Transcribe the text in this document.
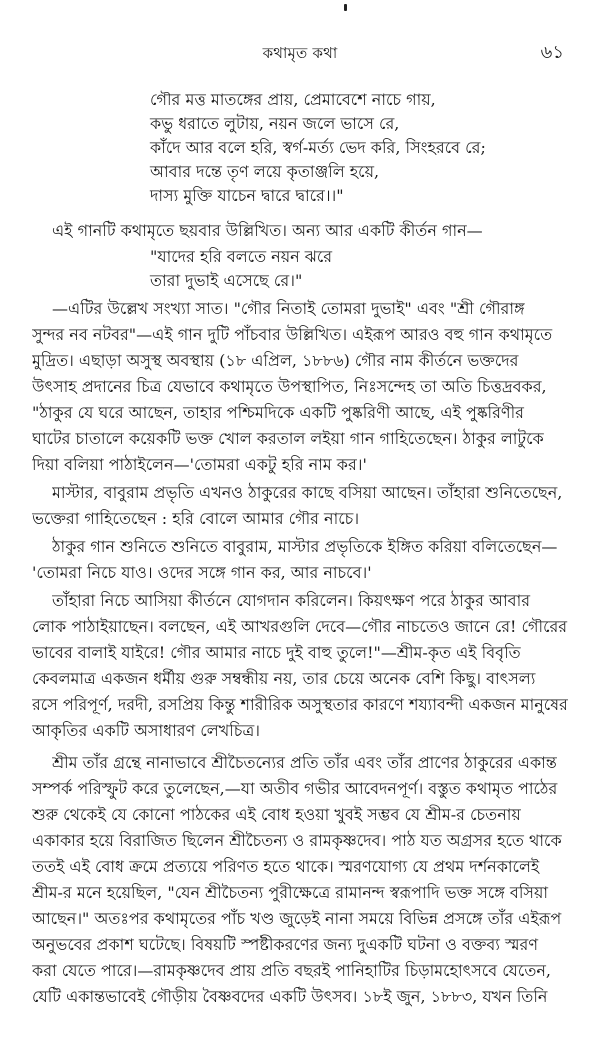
কথামৃত কথা	৬১
গৌর মত্ত মাতঙ্গের প্রায়, প্রেমাবেশে নাচে গায়,
কভু ধরাতে লুটায়, নয়ন জলে ভাসে রে,
কাঁদে আর বলে হরি, স্বর্গ-মর্ত্য ভেদ করি, সিংহরবে রে;
আবার দন্তে তৃণ লয়ে কৃতাঞ্জলি হয়ে,
দাস্য মুক্তি যাচেন দ্বারে দ্বারে।।"
এই গানটি কথামৃতে ছয়বার উল্লিখিত। অন্য আর একটি কীর্তন গান—
"যাদের হরি বলতে নয়ন ঝরে
তারা দুভাই এসেছে রে।"
—এটির উল্লেখ সংখ্যা সাত। "গৌর নিতাই তোমরা দুভাই" এবং "শ্রী গৌরাঙ্গ
সুন্দর নব নটবর"—এই গান দুটি পাঁচবার উল্লিখিত। এইরূপ আরও বহু গান কথামৃতে
মুদ্রিত। এছাড়া অসুস্থ অবস্থায় (১৮ এপ্রিল, ১৮৮৬) গৌর নাম কীর্তনে ভক্তদের
উৎসাহ প্রদানের চিত্র যেভাবে কথামৃতে উপস্থাপিত, নিঃসন্দেহ তা অতি চিত্তদ্রবকর,
"ঠাকুর যে ঘরে আছেন, তাহার পশ্চিমদিকে একটি পুষ্করিণী আছে, এই পুষ্করিণীর
ঘাটের চাতালে কয়েকটি ভক্ত খোল করতাল লইয়া গান গাহিতেছেন। ঠাকুর লাটুকে
দিয়া বলিয়া পাঠাইলেন—'তোমরা একটু হরি নাম কর।'
মাস্টার, বাবুরাম প্রভৃতি এখনও ঠাকুরের কাছে বসিয়া আছেন। তাঁহারা শুনিতেছেন,
ভক্তেরা গাহিতেছেন : হরি বোলে আমার গৌর নাচে।
ঠাকুর গান শুনিতে শুনিতে বাবুরাম, মাস্টার প্রভৃতিকে ইঙ্গিত করিয়া বলিতেছেন—
'তোমরা নিচে যাও। ওদের সঙ্গে গান কর, আর নাচবে।'
তাঁহারা নিচে আসিয়া কীর্তনে যোগদান করিলেন। কিয়ৎক্ষণ পরে ঠাকুর আবার
লোক পাঠাইয়াছেন। বলছেন, এই আখরগুলি দেবে—গৌর নাচতেও জানে রে! গৌরের
ভাবের বালাই যাইরে! গৌর আমার নাচে দুই বাহু তুলে!"—শ্রীম-কৃত এই বিবৃতি
কেবলমাত্র একজন ধর্মীয় গুরু সম্বন্ধীয় নয়, তার চেয়ে অনেক বেশি কিছু। বাৎসল্য
রসে পরিপূর্ণ, দরদী, রসপ্রিয় কিন্তু শারীরিক অসুস্থতার কারণে শয্যাবন্দী একজন মানুষের
আকৃতির একটি অসাধারণ লেখচিত্র।
শ্রীম তাঁর গ্রন্থে নানাভাবে শ্রীচৈতন্যের প্রতি তাঁর এবং তাঁর প্রাণের ঠাকুরের একান্ত
সম্পর্ক পরিস্ফুট করে তুলেছেন,—যা অতীব গভীর আবেদনপূর্ণ। বস্তুত কথামৃত পাঠের
শুরু থেকেই যে কোনো পাঠকের এই বোধ হওয়া খুবই সম্ভব যে শ্রীম-র চেতনায়
একাকার হয়ে বিরাজিত ছিলেন শ্রীচৈতন্য ও রামকৃষ্ণদেব। পাঠ যত অগ্রসর হতে থাকে
ততই এই বোধ ক্রমে প্রত্যয়ে পরিণত হতে থাকে। স্মরণযোগ্য যে প্রথম দর্শনকালেই
শ্রীম-র মনে হয়েছিল, "যেন শ্রীচৈতন্য পুরীক্ষেত্রে রামানন্দ স্বরূপাদি ভক্ত সঙ্গে বসিয়া
আছেন।" অতঃপর কথামৃতের পাঁচ খণ্ড জুড়েই নানা সময়ে বিভিন্ন প্রসঙ্গে তাঁর এইরূপ
অনুভবের প্রকাশ ঘটেছে। বিষয়টি স্পষ্টীকরণের জন্য দুএকটি ঘটনা ও বক্তব্য স্মরণ
করা যেতে পারে।—রামকৃষ্ণদেব প্রায় প্রতি বছরই পানিহাটির চিড়ামহোৎসবে যেতেন,
যেটি একান্তভাবেই গৌড়ীয় বৈষ্ণবদের একটি উৎসব। ১৮ই জুন, ১৮৮৩, যখন তিনি
